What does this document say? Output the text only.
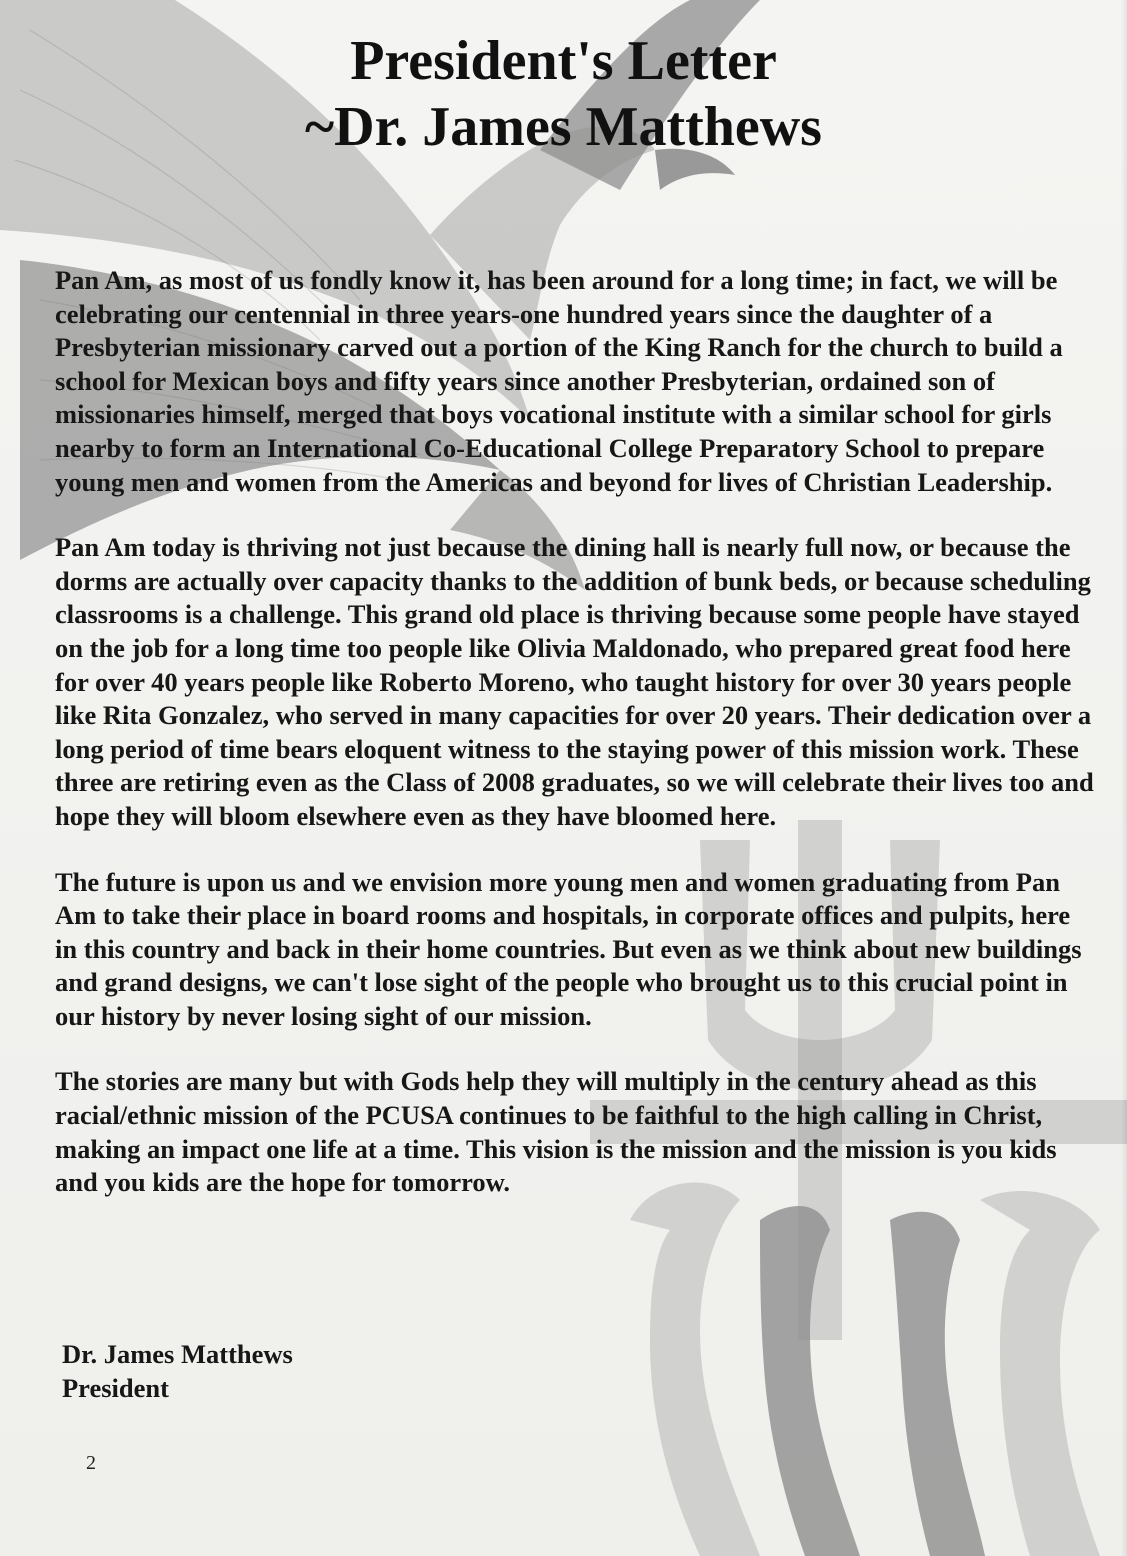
President's Letter
~Dr. James Matthews

Pan Am, as most of us fondly know it, has been around for a long time; in fact, we will be celebrating our centennial in three years-one hundred years since the daughter of a Presbyterian missionary carved out a portion of the King Ranch for the church to build a school for Mexican boys and fifty years since another Presbyterian, ordained son of missionaries himself, merged that boys vocational institute with a similar school for girls nearby to form an International Co-Educational College Preparatory School to prepare young men and women from the Americas and beyond for lives of Christian Leadership.

Pan Am today is thriving not just because the dining hall is nearly full now, or because the dorms are actually over capacity thanks to the addition of bunk beds, or because scheduling classrooms is a challenge. This grand old place is thriving because some people have stayed on the job for a long time too people like Olivia Maldonado, who prepared great food here for over 40 years people like Roberto Moreno, who taught history for over 30 years people like Rita Gonzalez, who served in many capacities for over 20 years. Their dedication over a long period of time bears eloquent witness to the staying power of this mission work. These three are retiring even as the Class of 2008 graduates, so we will celebrate their lives too and hope they will bloom elsewhere even as they have bloomed here.

The future is upon us and we envision more young men and women graduating from Pan Am to take their place in board rooms and hospitals, in corporate offices and pulpits, here in this country and back in their home countries. But even as we think about new buildings and grand designs, we can't lose sight of the people who brought us to this crucial point in our history by never losing sight of our mission.

The stories are many but with Gods help they will multiply in the century ahead as this racial/ethnic mission of the PCUSA continues to be faithful to the high calling in Christ, making an impact one life at a time. This vision is the mission and the mission is you kids and you kids are the hope for tomorrow.

Dr. James Matthews
President
2
